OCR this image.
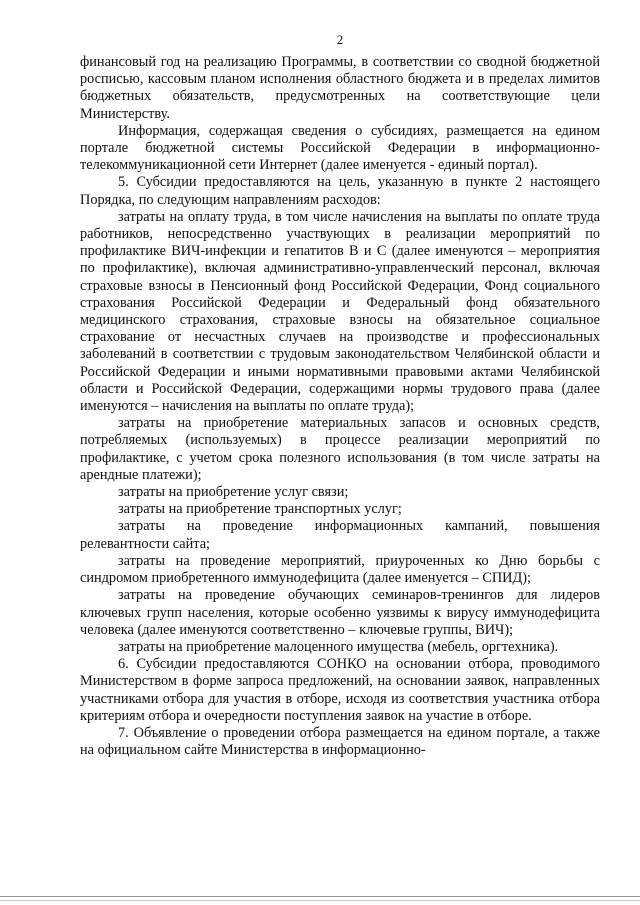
2

финансовый год на реализацию Программы, в соответствии со сводной бюджетной росписью, кассовым планом исполнения областного бюджета и в пределах лимитов бюджетных обязательств, предусмотренных на соответствующие цели Министерству.

Информация, содержащая сведения о субсидиях, размещается на едином портале бюджетной системы Российской Федерации в информационно-телекоммуникационной сети Интернет (далее именуется - единый портал).

5. Субсидии предоставляются на цель, указанную в пункте 2 настоящего Порядка, по следующим направлениям расходов:

затраты на оплату труда, в том числе начисления на выплаты по оплате труда работников, непосредственно участвующих в реализации мероприятий по профилактике ВИЧ-инфекции и гепатитов В и С (далее именуются – мероприятия по профилактике), включая административно-управленческий персонал, включая страховые взносы в Пенсионный фонд Российской Федерации, Фонд социального страхования Российской Федерации и Федеральный фонд обязательного медицинского страхования, страховые взносы на обязательное социальное страхование от несчастных случаев на производстве и профессиональных заболеваний в соответствии с трудовым законодательством Челябинской области и Российской Федерации и иными нормативными правовыми актами Челябинской области и Российской Федерации, содержащими нормы трудового права (далее именуются – начисления на выплаты по оплате труда);

затраты на приобретение материальных запасов и основных средств, потребляемых (используемых) в процессе реализации мероприятий по профилактике, с учетом срока полезного использования (в том числе затраты на арендные платежи);

затраты на приобретение услуг связи;

затраты на приобретение транспортных услуг;

затраты на проведение информационных кампаний, повышения релевантности сайта;

затраты на проведение мероприятий, приуроченных ко Дню борьбы с синдромом приобретенного иммунодефицита (далее именуется – СПИД);

затраты на проведение обучающих семинаров-тренингов для лидеров ключевых групп населения, которые особенно уязвимы к вирусу иммунодефицита человека (далее именуются соответственно – ключевые группы, ВИЧ);

затраты на приобретение малоценного имущества (мебель, оргтехника).

6. Субсидии предоставляются СОНКО на основании отбора, проводимого Министерством в форме запроса предложений, на основании заявок, направленных участниками отбора для участия в отборе, исходя из соответствия участника отбора критериям отбора и очередности поступления заявок на участие в отборе.

7. Объявление о проведении отбора размещается на едином портале, а также на официальном сайте Министерства в информационно-
